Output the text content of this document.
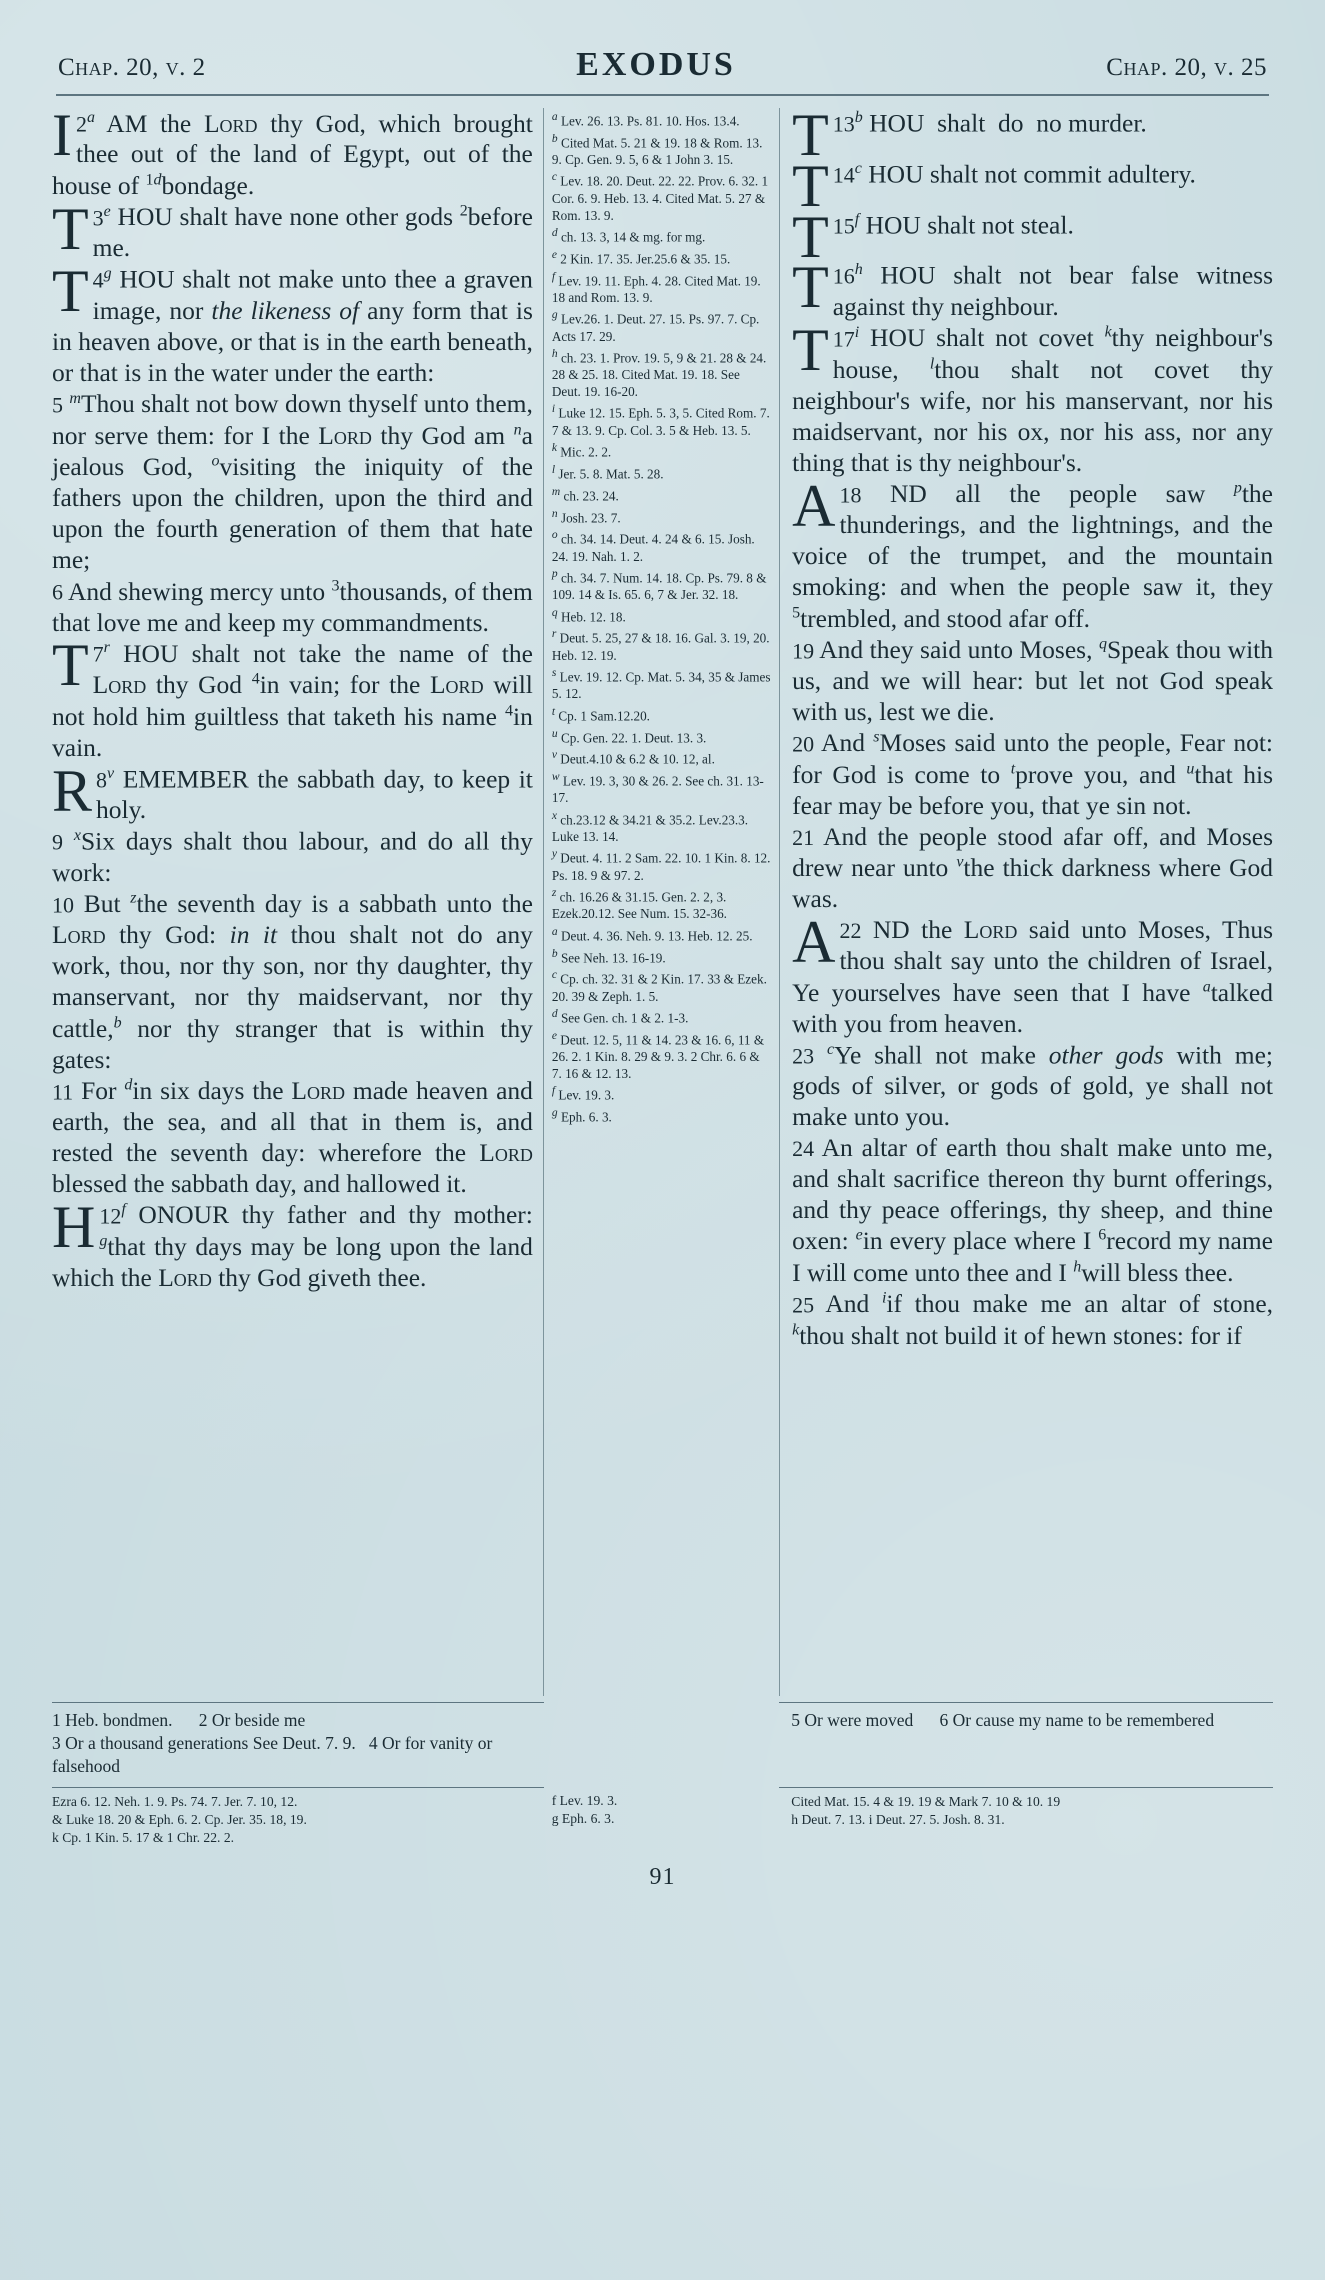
Chap. 20, v. 2	EXODUS	Chap. 20, v. 25
2$^a$
I AM the Lord thy God, which brought thee out of the land of Egypt, out of the house of $^{1d}$bondage.
3e
T HOU shalt have none other gods $^2$before me.
4$^g$
T HOU shalt not make unto thee a graven image, nor the likeness of any form that is in heaven above, or that is in the earth beneath, or that is in the water under the earth:

5 $^m$Thou shalt not bow down thyself unto them, nor serve them: for I the Lord thy God am $^n$a jealous God, $^o$visiting the iniquity of the fathers upon the children, upon the third and upon the fourth generation of them that hate me;

6 And shewing mercy unto $^3$thousands, of them that love me and keep my commandments.

7$^r$
T HOU shalt not take the name of the Lord thy God $^4$in vain; for the Lord will not hold him guiltless that taketh his name $^4$in vain.
8$^v$
R EMEMBER the sabbath day, to keep it holy.

9 $^x$Six days shalt thou labour, and do all thy work:

10 But $^z$the seventh day is a sabbath unto the Lord thy God: in it thou shalt not do any work, thou, nor thy son, nor thy daughter, thy manservant, nor thy maidservant, nor thy cattle,$^b$ nor thy stranger that is within thy gates:

11 For $^d$in six days the Lord made heaven and earth, the sea, and all that in them is, and rested the seventh day: wherefore the Lord blessed the sabbath day, and hallowed it.

12$^f$
H ONOUR thy father and thy mother: $^g$that thy days may be long upon the land which the Lord thy God giveth thee.

a Lev. 26. 13. Ps. 81. 10. Hos. 13.4.

b Cited Mat. 5. 21 & 19. 18 & Rom. 13. 9. Cp. Gen. 9. 5, 6 & 1 John 3. 15.

c Lev. 18. 20. Deut. 22. 22. Prov. 6. 32. 1 Cor. 6. 9. Heb. 13. 4. Cited Mat. 5. 27 & Rom. 13. 9.

d ch. 13. 3, 14 & mg. for mg.

e 2 Kin. 17. 35. Jer.25.6 & 35. 15.

f Lev. 19. 11. Eph. 4. 28. Cited Mat. 19. 18 and Rom. 13. 9.

g Lev.26. 1. Deut. 27. 15. Ps. 97. 7. Cp. Acts 17. 29.

h ch. 23. 1. Prov. 19. 5, 9 & 21. 28 & 24. 28 & 25. 18. Cited Mat. 19. 18. See Deut. 19. 16-20.

i Luke 12. 15. Eph. 5. 3, 5. Cited Rom. 7. 7 & 13. 9. Cp. Col. 3. 5 & Heb. 13. 5.

k Mic. 2. 2.

l Jer. 5. 8. Mat. 5. 28.

m ch. 23. 24.

n Josh. 23. 7.

o ch. 34. 14. Deut. 4. 24 & 6. 15. Josh. 24. 19. Nah. 1. 2.

p ch. 34. 7. Num. 14. 18. Cp. Ps. 79. 8 & 109. 14 & Is. 65. 6, 7 & Jer. 32. 18.

q Heb. 12. 18.

r Deut. 5. 25, 27 & 18. 16. Gal. 3. 19, 20. Heb. 12. 19.

s Lev. 19. 12. Cp. Mat. 5. 34, 35 & James 5. 12.

t Cp. 1 Sam.12.20.

u Cp. Gen. 22. 1. Deut. 13. 3.

v Deut.4.10 & 6.2 & 10. 12, al.

w Lev. 19. 3, 30 & 26. 2. See ch. 31. 13-17.

x ch.23.12 & 34.21 & 35.2. Lev.23.3. Luke 13. 14.

y Deut. 4. 11. 2 Sam. 22. 10. 1 Kin. 8. 12. Ps. 18. 9 & 97. 2.

z ch. 16.26 & 31.15. Gen. 2. 2, 3. Ezek.20.12. See Num. 15. 32-36.

a Deut. 4. 36. Neh. 9. 13. Heb. 12. 25.

b See Neh. 13. 16-19.

c Cp. ch. 32. 31 & 2 Kin. 17. 33 & Ezek. 20. 39 & Zeph. 1. 5.

d See Gen. ch. 1 & 2. 1-3.

e Deut. 12. 5, 11 & 14. 23 & 16. 6, 11 & 26. 2. 1 Kin. 8. 29 & 9. 3. 2 Chr. 6. 6 & 7. 16 & 12. 13.

f Lev. 19. 3.

g Eph. 6. 3.

13$^b$
T HOU  shalt  do  no murder.
14$^c$
T HOU shalt not commit adultery.
15$^f$
T HOU shalt not steal.
16$^h$
T HOU shalt not bear false witness against thy neighbour.
17$^i$
T HOU shalt not covet $^k$thy neighbour's house, $^l$thou shalt not covet thy neighbour's wife, nor his manservant, nor his maidservant, nor his ox, nor his ass, nor any thing that is thy neighbour's.
18
A ND all the people saw $^p$the thunderings, and the lightnings, and the voice of the trumpet, and the mountain smoking: and when the people saw it, they $^5$trembled, and stood afar off.

19 And they said unto Moses, $^q$Speak thou with us, and we will hear: but let not God speak with us, lest we die.

20 And $^s$Moses said unto the people, Fear not: for God is come to $^t$prove you, and $^u$that his fear may be before you, that ye sin not.

21 And the people stood afar off, and Moses drew near unto $^v$the thick darkness where God was.

22
A ND the Lord said unto Moses, Thus thou shalt say unto the children of Israel, Ye yourselves have seen that I have $^a$talked with you from heaven.

23 $^c$Ye shall not make other gods with me; gods of silver, or gods of gold, ye shall not make unto you.

24 An altar of earth thou shalt make unto me, and shalt sacrifice thereon thy burnt offerings, and thy peace offerings, thy sheep, and thine oxen: $^e$in every place where I $^6$record my name I will come unto thee and I $^h$will bless thee.

25 And $^i$if thou make me an altar of stone, $^k$thou shalt not build it of hewn stones: for if

1 Heb. bondmen. 2 Or beside me
3 Or a thousand generations See Deut. 7. 9. 4 Or for vanity or falsehood
5 Or were moved 6 Or cause my name to be remembered
Ezra 6. 12. Neh. 1. 9. Ps. 74. 7. Jer. 7. 10, 12.
& Luke 18. 20 & Eph. 6. 2. Cp. Jer. 35. 18, 19.
k Cp. 1 Kin. 5. 17 & 1 Chr. 22. 2.
f Lev. 19. 3.
g Eph. 6. 3.
Cited Mat. 15. 4 & 19. 19 & Mark 7. 10 & 10. 19
h Deut. 7. 13. i Deut. 27. 5. Josh. 8. 31.
91
